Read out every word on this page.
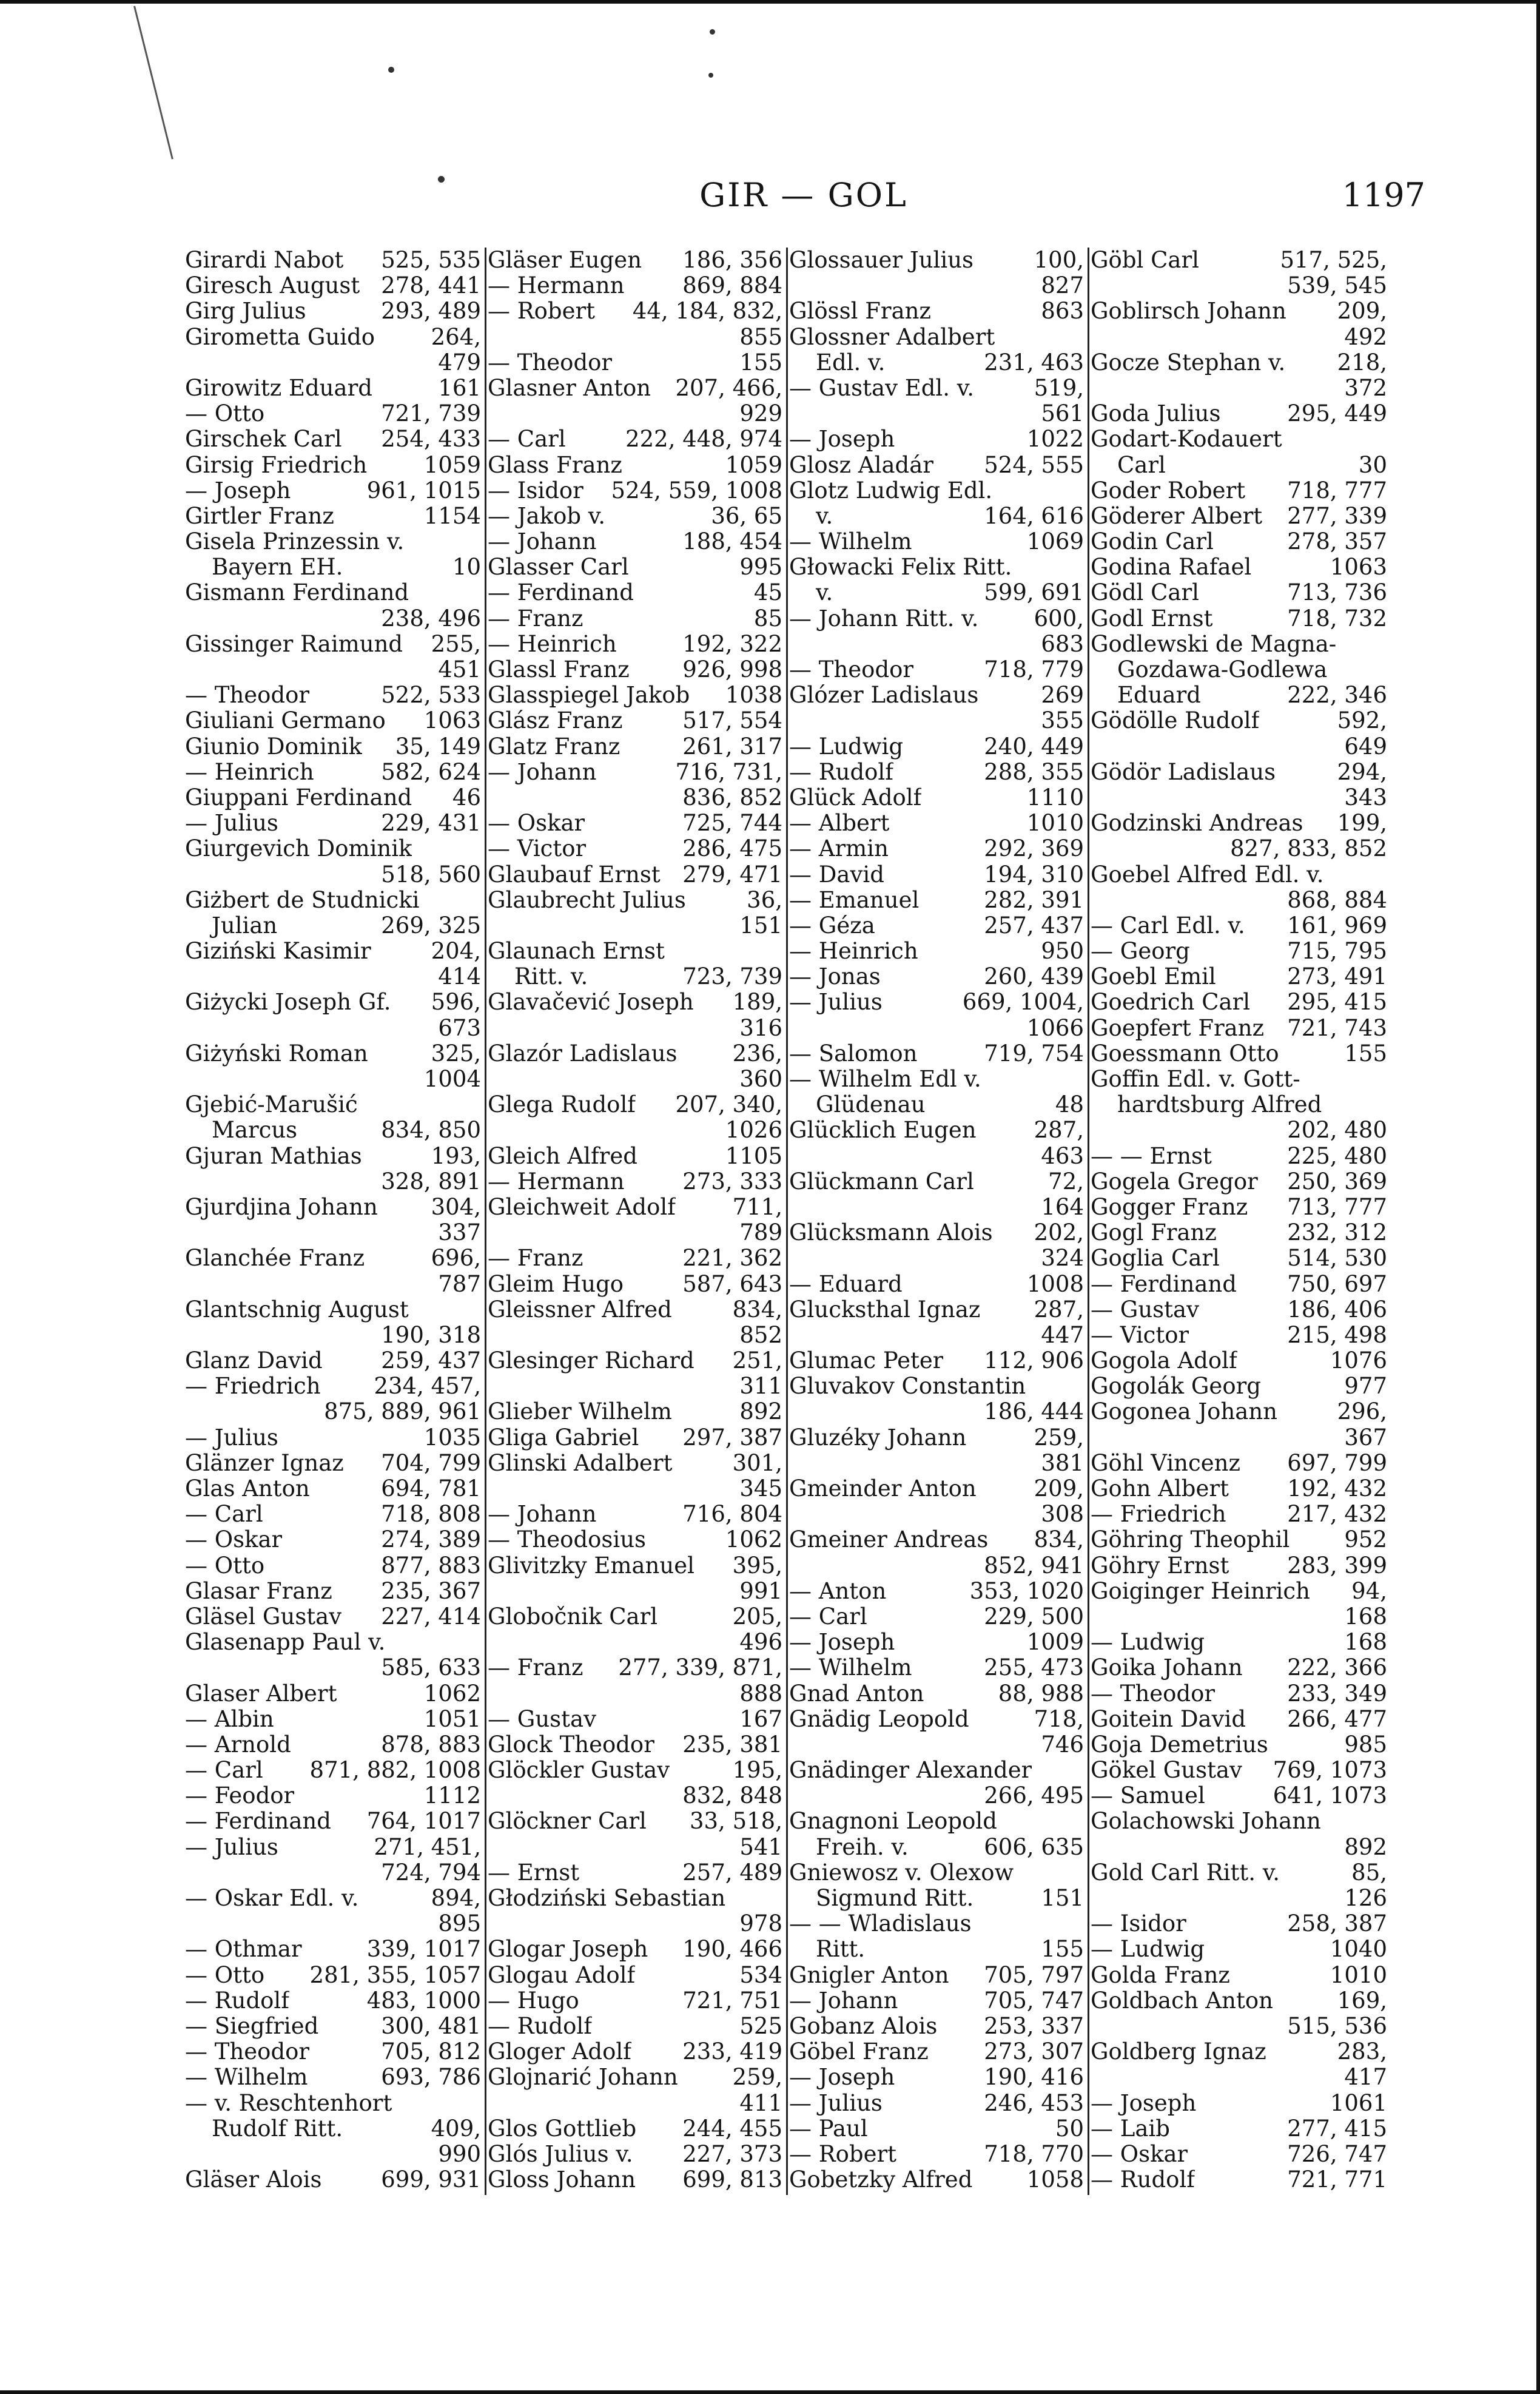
GIR — GOL	1197
Girardi Nabot 525, 535
Giresch August 278, 441
Girg Julius	293, 489
Girometta Guido	264,
479
Girowitz Eduard	161
— Otto	721, 739
Girschek Carl 254, 433
Girsig Friedrich	1059
— Joseph	961, 1015
Girtler Franz	1154
Gisela Prinzessin v.
Bayern EH.	10
Gismann Ferdinand
238, 496
Gissinger Raimund 255,
451
— Theodor	522, 533
Giuliani Germano 1063
Giunio Dominik 35, 149
— Heinrich	582, 624
Giuppani Ferdinand 46
— Julius	229, 431
Giurgevich Dominik
518, 560
Giżbert de Studnicki
Julian	269, 325
Giziński Kasimir	204,
414
Giżycki Joseph Gf. 596,
673
Giżyński Roman	325,
1004
Gjebić-Marušić
Marcus	834, 850
Gjuran Mathias	193,
328, 891
Gjurdjina Johann 304,
337
Glanchée Franz	696,
787
Glantschnig August
190, 318
Glanz David	259, 437
— Friedrich 234, 457,
875, 889, 961
— Julius	1035
Glänzer Ignaz 704, 799
Glas Anton	694, 781
— Carl	718, 808
— Oskar	274, 389
— Otto	877, 883
Glasar Franz 235, 367
Gläsel Gustav 227, 414
Glasenapp Paul v.
585, 633
Glaser Albert	1062
— Albin	1051
— Arnold	878, 883
— Carl 871, 882, 1008
— Feodor	1112
— Ferdinand 764, 1017
— Julius	271, 451,
724, 794
— Oskar Edl. v.	894,
895
— Othmar	339, 1017
— Otto 281, 355, 1057
— Rudolf	483, 1000
— Siegfried	300, 481
— Theodor	705, 812
— Wilhelm	693, 786
— v. Reschtenhort
Rudolf Ritt.	409,
990
Gläser Alois	699, 931
Gläser Eugen 186, 356
— Hermann	869, 884
— Robert 44, 184, 832,
855
— Theodor	155
Glasner Anton 207, 466,
929
— Carl	222, 448, 974
Glass Franz	1059
— Isidor 524, 559, 1008
— Jakob v.	36, 65
— Johann	188, 454
Glasser Carl	995
— Ferdinand	45
— Franz	85
— Heinrich	192, 322
Glassl Franz 926, 998
Glasspiegel Jakob 1038
Glász Franz	517, 554
Glatz Franz	261, 317
— Johann	716, 731,
836, 852
— Oskar	725, 744
— Victor	286, 475
Glaubauf Ernst 279, 471
Glaubrecht Julius	36,
151
Glaunach Ernst
Ritt. v.	723, 739
Glavačević Joseph 189,
316
Glazór Ladislaus 236,
360
Glega Rudolf 207, 340,
1026
Gleich Alfred	1105
— Hermann	273, 333
Gleichweit Adolf	711,
789
— Franz	221, 362
Gleim Hugo	587, 643
Gleissner Alfred	834,
852
Glesinger Richard 251,
311
Glieber Wilhelm	892
Gliga Gabriel 297, 387
Glinski Adalbert	301,
345
— Johann	716, 804
— Theodosius	1062
Glivitzky Emanuel 395,
991
Globočnik Carl	205,
496
— Franz 277, 339, 871,
888
— Gustav	167
Glock Theodor 235, 381
Glöckler Gustav	195,
832, 848
Glöckner Carl 33, 518,
541
— Ernst	257, 489
Głodziński Sebastian
978
Glogar Joseph 190, 466
Glogau Adolf	534
— Hugo	721, 751
— Rudolf	525
Gloger Adolf 233, 419
Glojnarić Johann 259,
411
Glos Gottlieb 244, 455
Glós Julius v. 227, 373
Gloss Johann 699, 813
Glossauer Julius	100,
827
Glössl Franz	863
Glossner Adalbert
Edl. v.	231, 463
— Gustav Edl. v.	519,
561
— Joseph	1022
Glosz Aladár 524, 555
Glotz Ludwig Edl.
v.	164, 616
— Wilhelm	1069
Głowacki Felix Ritt.
v.	599, 691
— Johann Ritt. v. 600,
683
— Theodor	718, 779
Glózer Ladislaus	269
355
— Ludwig	240, 449
— Rudolf	288, 355
Glück Adolf	1110
— Albert	1010
— Armin	292, 369
— David	194, 310
— Emanuel	282, 391
— Géza	257, 437
— Heinrich	950
— Jonas	260, 439
— Julius	669, 1004,
1066
— Salomon	719, 754
— Wilhelm Edl v.
Glüdenau	48
Glücklich Eugen	287,
463
Glückmann Carl	72,
164
Glücksmann Alois 202,
324
— Eduard	1008
Glucksthal Ignaz 287,
447
Glumac Peter 112, 906
Gluvakov Constantin
186, 444
Gluzéky Johann	259,
381
Gmeinder Anton	209,
308
Gmeiner Andreas 834,
852, 941
— Anton	353, 1020
— Carl	229, 500
— Joseph	1009
— Wilhelm	255, 473
Gnad Anton	88, 988
Gnädig Leopold	718,
746
Gnädinger Alexander
266, 495
Gnagnoni Leopold
Freih. v.	606, 635
Gniewosz v. Olexow
Sigmund Ritt.	151
— — Wladislaus
Ritt.	155
Gnigler Anton 705, 797
— Johann	705, 747
Gobanz Alois 253, 337
Göbel Franz 273, 307
— Joseph	190, 416
— Julius	246, 453
— Paul	50
— Robert	718, 770
Gobetzky Alfred 1058
Göbl Carl	517, 525,
539, 545
Goblirsch Johann 209,
492
Gocze Stephan v. 218,
372
Goda Julius	295, 449
Godart-Kodauert
Carl	30
Goder Robert 718, 777
Göderer Albert 277, 339
Godin Carl	278, 357
Godina Rafael	1063
Gödl Carl	713, 736
Godl Ernst	718, 732
Godlewski de Magna-
Gozdawa-Godlewa
Eduard	222, 346
Gödölle Rudolf	592,
649
Gödör Ladislaus	294,
343
Godzinski Andreas 199,
827, 833, 852
Goebel Alfred Edl. v.
868, 884
— Carl Edl. v. 161, 969
— Georg	715, 795
Goebl Emil	273, 491
Goedrich Carl 295, 415
Goepfert Franz 721, 743
Goessmann Otto	155
Goffin Edl. v. Gott-
hardtsburg Alfred
202, 480
— — Ernst	225, 480
Gogela Gregor 250, 369
Gogger Franz 713, 777
Gogl Franz	232, 312
Goglia Carl	514, 530
— Ferdinand 750, 697
— Gustav	186, 406
— Victor	215, 498
Gogola Adolf	1076
Gogolák Georg	977
Gogonea Johann	296,
367
Göhl Vincenz 697, 799
Gohn Albert	192, 432
— Friedrich	217, 432
Göhring Theophil 952
Göhry Ernst	283, 399
Goiginger Heinrich 94,
168
— Ludwig	168
Goika Johann 222, 366
— Theodor	233, 349
Goitein David 266, 477
Goja Demetrius	985
Gökel Gustav 769, 1073
— Samuel	641, 1073
Golachowski Johann
892
Gold Carl Ritt. v.	85,
126
— Isidor	258, 387
— Ludwig	1040
Golda Franz	1010
Goldbach Anton	169,
515, 536
Goldberg Ignaz	283,
417
— Joseph	1061
— Laib	277, 415
— Oskar	726, 747
— Rudolf	721, 771
